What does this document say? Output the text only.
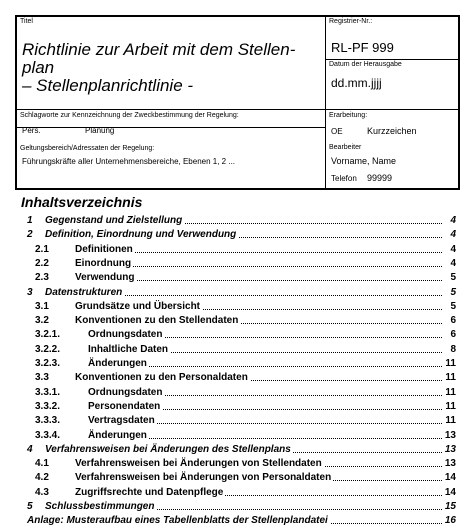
Titel
Richtlinie zur Arbeit mit dem Stellen-
plan
– Stellenplanrichtlinie -
Registrier-Nr.:
RL-PF 999
Datum der Herausgabe
dd.mm.jjjj
Schlagworte zur Kennzeichnung der Zweckbestimmung der Regelung:
Pers.	Planung
Erarbeitung:
OE	Kurzzeichen
Geltungsbereich/Adressaten der Regelung:
Führungskräfte aller Unternehmensbereiche, Ebenen 1, 2 ...
Bearbeiter
Vorname, Name
Telefon 99999
Inhaltsverzeichnis
1 Gegenstand und Zielstellung	4
2 Definition, Einordnung und Verwendung	4
2.1	Definitionen	4
2.2	Einordnung	4
2.3	Verwendung	5
3 Datenstrukturen	5
3.1	Grundsätze und Übersicht	5
3.2	Konventionen zu den Stellendaten	6
3.2.1.	Ordnungsdaten	6
3.2.2.	Inhaltliche Daten	8
3.2.3.	Änderungen	11
3.3	Konventionen zu den Personaldaten	11
3.3.1.	Ordnungsdaten	11
3.3.2.	Personendaten	11
3.3.3.	Vertragsdaten	11
3.3.4.	Änderungen	13
4 Verfahrensweisen bei Änderungen des Stellenplans	13
4.1	Verfahrensweisen bei Änderungen von Stellendaten	13
4.2	Verfahrensweisen bei Änderungen von Personaldaten	14
4.3	Zugriffsrechte und Datenpflege	14
5 Schlussbestimmungen	15
Anlage: Musteraufbau eines Tabellenblatts der Stellenplandatei	16
